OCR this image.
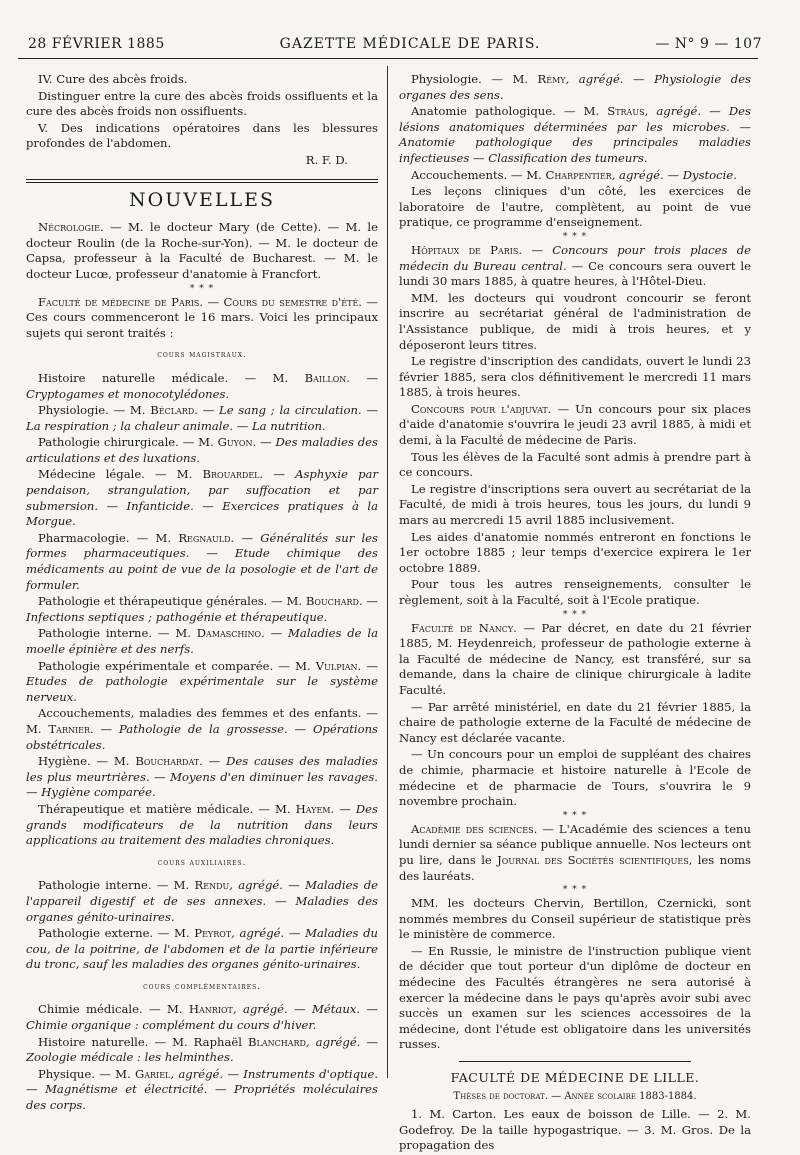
28 FÉVRIER 1885	GAZETTE MÉDICALE DE PARIS.	— N° 9 — 107

IV. Cure des abcès froids.

Distinguer entre la cure des abcès froids ossifluents et la cure des abcès froids non ossifluents.

V. Des indications opératoires dans les blessures profondes de l'abdomen.

R. F. D.

NOUVELLES

Nécrologie. — M. le docteur Mary (de Cette). — M. le docteur Roulin (de la Roche-sur-Yon). — M. le docteur de Capsa, professeur à la Faculté de Bucharest. — M. le docteur Lucœ, professeur d'anatomie à Francfort.

* * *

Faculté de médecine de Paris. — Cours du semestre d'été. — Ces cours commenceront le 16 mars. Voici les principaux sujets qui seront traités :

cours magistraux.

Histoire naturelle médicale. — M. Baillon. — Cryptogames et monocotylédones.

Physiologie. — M. Béclard. — Le sang ; la circulation. — La respiration ; la chaleur animale. — La nutrition.

Pathologie chirurgicale. — M. Guyon. — Des maladies des articulations et des luxations.

Médecine légale. — M. Brouardel. — Asphyxie par pendaison, strangulation, par suffocation et par submersion. — Infanticide. — Exercices pratiques à la Morgue.

Pharmacologie. — M. Regnauld. — Généralités sur les formes pharmaceutiques. — Etude chimique des médicaments au point de vue de la posologie et de l'art de formuler.

Pathologie et thérapeutique générales. — M. Bouchard. — Infections septiques ; pathogénie et thérapeutique.

Pathologie interne. — M. Damaschino. — Maladies de la moelle épinière et des nerfs.

Pathologie expérimentale et comparée. — M. Vulpian. — Etudes de pathologie expérimentale sur le système nerveux.

Accouchements, maladies des femmes et des enfants. — M. Tarnier. — Pathologie de la grossesse. — Opérations obstétricales.

Hygiène. — M. Bouchardat. — Des causes des maladies les plus meurtrières. — Moyens d'en diminuer les ravages. — Hygiène comparée.

Thérapeutique et matière médicale. — M. Hayem. — Des grands modificateurs de la nutrition dans leurs applications au traitement des maladies chroniques.

cours auxiliaires.

Pathologie interne. — M. Rendu, agrégé. — Maladies de l'appareil digestif et de ses annexes. — Maladies des organes génito-urinaires.

Pathologie externe. — M. Peyrot, agrégé. — Maladies du cou, de la poitrine, de l'abdomen et de la partie inférieure du tronc, sauf les maladies des organes génito-urinaires.

cours complémentaires.

Chimie médicale. — M. Hanriot, agrégé. — Métaux. — Chimie organique : complément du cours d'hiver.

Histoire naturelle. — M. Raphaël Blanchard, agrégé. — Zoologie médicale : les helminthes.

Physique. — M. Gariel, agrégé. — Instruments d'optique. — Magnétisme et électricité. — Propriétés moléculaires des corps.

Physiologie. — M. Rémy, agrégé. — Physiologie des organes des sens.

Anatomie pathologique. — M. Straus, agrégé. — Des lésions anatomiques déterminées par les microbes. — Anatomie pathologique des principales maladies infectieuses — Classification des tumeurs.

Accouchements. — M. Charpentier, agrégé. — Dystocie.

Les leçons cliniques d'un côté, les exercices de laboratoire de l'autre, complètent, au point de vue pratique, ce programme d'enseignement.

* * *

Hôpitaux de Paris. — Concours pour trois places de médecin du Bureau central. — Ce concours sera ouvert le lundi 30 mars 1885, à quatre heures, à l'Hôtel-Dieu.

MM. les docteurs qui voudront concourir se feront inscrire au secrétariat général de l'administration de l'Assistance publique, de midi à trois heures, et y déposeront leurs titres.

Le registre d'inscription des candidats, ouvert le lundi 23 février 1885, sera clos définitivement le mercredi 11 mars 1885, à trois heures.

Concours pour l'adjuvat. — Un concours pour six places d'aide d'anatomie s'ouvrira le jeudi 23 avril 1885, à midi et demi, à la Faculté de médecine de Paris.

Tous les élèves de la Faculté sont admis à prendre part à ce concours.

Le registre d'inscriptions sera ouvert au secrétariat de la Faculté, de midi à trois heures, tous les jours, du lundi 9 mars au mercredi 15 avril 1885 inclusivement.

Les aides d'anatomie nommés entreront en fonctions le 1er octobre 1885 ; leur temps d'exercice expirera le 1er octobre 1889.

Pour tous les autres renseignements, consulter le règlement, soit à la Faculté, soit à l'Ecole pratique.

* * *

Faculté de Nancy. — Par décret, en date du 21 février 1885, M. Heydenreich, professeur de pathologie externe à la Faculté de médecine de Nancy, est transféré, sur sa demande, dans la chaire de clinique chirurgicale à ladite Faculté.

— Par arrêté ministériel, en date du 21 février 1885, la chaire de pathologie externe de la Faculté de médecine de Nancy est déclarée vacante.

— Un concours pour un emploi de suppléant des chaires de chimie, pharmacie et histoire naturelle à l'Ecole de médecine et de pharmacie de Tours, s'ouvrira le 9 novembre prochain.

* * *

Académie des sciences. — L'Académie des sciences a tenu lundi dernier sa séance publique annuelle. Nos lecteurs ont pu lire, dans le Journal des Sociétés scientifiques, les noms des lauréats.

* * *

MM. les docteurs Chervin, Bertillon, Czernicki, sont nommés membres du Conseil supérieur de statistique près le ministère de commerce.

— En Russie, le ministre de l'instruction publique vient de décider que tout porteur d'un diplôme de docteur en médecine des Facultés étrangères ne sera autorisé à exercer la médecine dans le pays qu'après avoir subi avec succès un examen sur les sciences accessoires de la médecine, dont l'étude est obligatoire dans les universités russes.

FACULTÉ DE MÉDECINE DE LILLE.
Thèses de doctorat. — Année scolaire 1883-1884.

1. M. Carton. Les eaux de boisson de Lille. — 2. M. Godefroy. De la taille hypogastrique. — 3. M. Gros. De la propagation des
